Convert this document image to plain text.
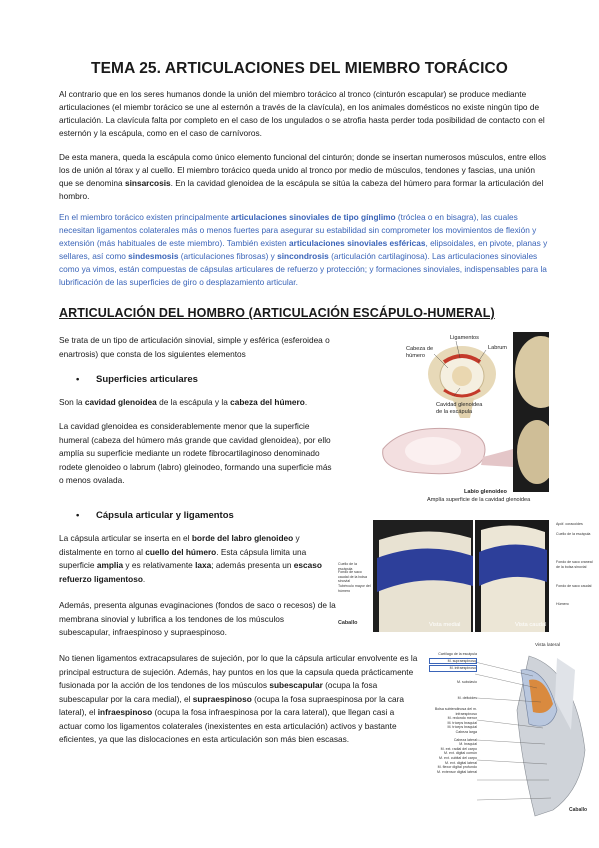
TEMA 25. ARTICULACIONES DEL MIEMBRO TORÁCICO

Al contrario que en los seres humanos donde la unión del miembro torácico al tronco (cinturón escapular) se produce mediante articulaciones (el miembr torácico se une al esternón a través de la clavícula), en los animales domésticos no existe ningún tipo de articulación. La clavícula falta por completo en el caso de los ungulados o se atrofia hasta perder toda posibilidad de contacto con el esternón y la escápula, como en el caso de carnívoros.

De esta manera, queda la escápula como único elemento funcional del cinturón; donde se insertan numerosos músculos, entre ellos los de unión al tórax y al cuello. El miembro torácico queda unido al tronco por medio de músculos, tendones y fascias, una unión que se denomina sinsarcosis. En la cavidad glenoidea de la escápula se sitúa la cabeza del húmero para formar la articulación del hombro.

En el miembro torácico existen principalmente articulaciones sinoviales de tipo gínglimo (tróclea o en bisagra), las cuales necesitan ligamentos colaterales más o menos fuertes para asegurar su estabilidad sin comprometer los movimientos de flexión y extensión (más habituales de este miembro). También existen articulaciones sinoviales esféricas, elipsoidales, en pivote, planas y sellares, así como sindesmosis (articulaciones fibrosas) y sincondrosis (articulación cartilaginosa). Las articulaciones sinoviales como ya vimos, están compuestas de cápsulas articulares de refuerzo y protección; y formaciones sinoviales, indispensables para la lubrificación de las superficies de giro o desplazamiento articular.

ARTICULACIÓN DEL HOMBRO (ARTICULACIÓN ESCÁPULO-HUMERAL)

Se trata de un tipo de articulación sinovial, simple y esférica (esferoidea o enartrosis) que consta de los siguientes elementos

• Superficies articulares

Son la cavidad glenoidea de la escápula y la cabeza del húmero.

La cavidad glenoidea es considerablemente menor que la superficie humeral (cabeza del húmero más grande que cavidad glenoidea), por ello amplía su superficie mediante un rodete fibrocartilaginoso denominado rodete glenoideo o labrum (labro) gleinodeo, formando una superficie más o menos ovalada.

• Cápsula articular y ligamentos

La cápsula articular se inserta en el borde del labro glenoideo y distalmente en torno al cuello del húmero. Esta cápsula limita una superficie amplia y es relativamente laxa; además presenta un escaso refuerzo ligamentoso.

Además, presenta algunas evaginaciones (fondos de saco o recesos) de la membrana sinovial y lubrifica a los tendones de los músculos subescapular, infraespinoso y supraespinoso.

No tienen ligamentos extracapsulares de sujeción, por lo que la cápsula articular envolvente es la principal estructura de sujeción. Además, hay puntos en los que la capsula queda prácticamente fusionada por la acción de los tendones de los músculos subescapular (ocupa la fosa subescapular por la cara medial), el supraespinoso (ocupa la fosa supraespinosa por la cara lateral), el infraespinoso (ocupa la fosa infraespinosa por la cara lateral), que llegan casi a actuar como los ligamentos colaterales (inexistentes en esta articulación) activos y bastante eficientes, ya que las dislocaciones en esta articulación son más bien escasas.

Ligamentos
Cabeza de húmero
Labrum
Cavidad glenoidea de la escápula
Labio glenoideo
Amplía superficie de la cavidad glenoidea
Cuello de la escápula
Fondo de saco caudal de la bolsa sinovial
Tubérculo mayor del húmero
Caballo	Vista medial	Vista caudal
Apóf. coracoides
Cuello de la escápula
Fondo de saco craneal de la bolsa sinovial
Fondo de saco caudal
Húmero
Vista lateral
Cartílago de la escápula
M. supraespinoso
M. infraespinoso
M. subclavio
M. deltoides
Bolsa subtendinosa del m. infraespinoso
M. redondo menor
M. tríceps braquial
M. tríceps braquial
Cabeza larga
Cabeza lateral
M. braquial
M. ext. radial del carpo
M. ext. digital común
M. ext. cubital del carpo
M. ext. digital lateral
M. flexor digital profundo
M. extensor digital lateral
Caballo
